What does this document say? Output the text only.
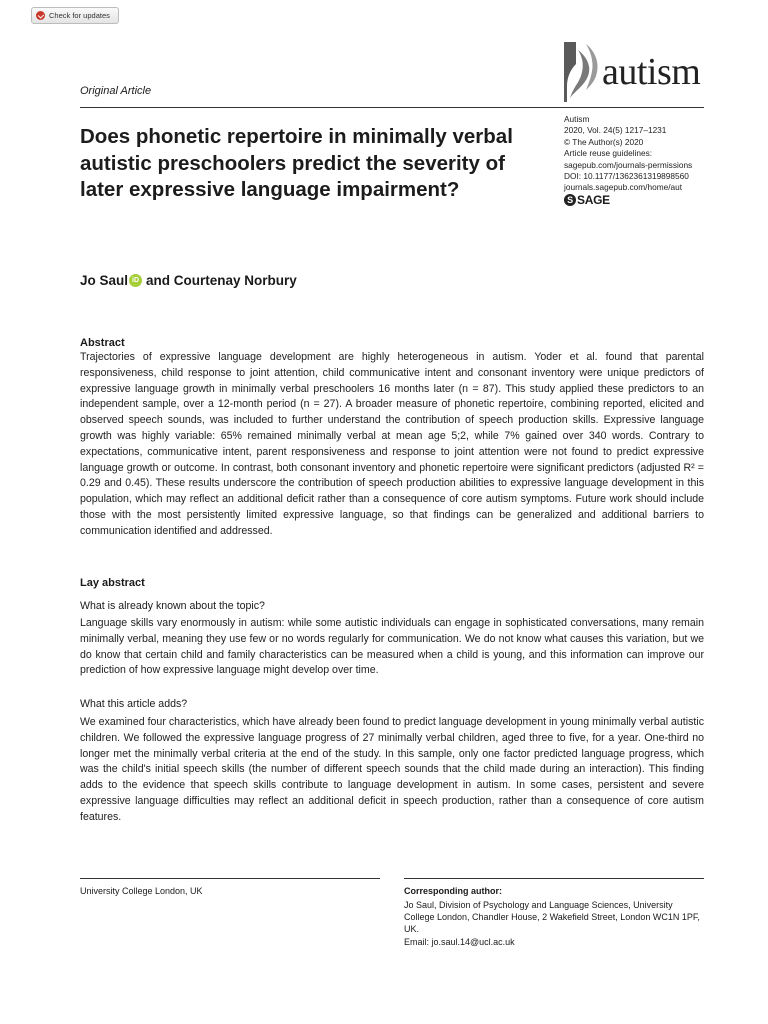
Check for updates
Original Article	autism
Does phonetic repertoire in minimally verbal autistic preschoolers predict the severity of later expressive language impairment?
Autism
2020, Vol. 24(5) 1217–1231
© The Author(s) 2020
Article reuse guidelines:
sagepub.com/journals-permissions
DOI: 10.1177/1362361319898560
journals.sagepub.com/home/aut
S SAGE
Jo Saul iD and Courtenay Norbury
Abstract
Trajectories of expressive language development are highly heterogeneous in autism. Yoder et al. found that parental responsiveness, child response to joint attention, child communicative intent and consonant inventory were unique predictors of expressive language growth in minimally verbal preschoolers 16 months later (n = 87). This study applied these predictors to an independent sample, over a 12-month period (n = 27). A broader measure of phonetic repertoire, combining reported, elicited and observed speech sounds, was included to further understand the contribution of speech production skills. Expressive language growth was highly variable: 65% remained minimally verbal at mean age 5;2, while 7% gained over 340 words. Contrary to expectations, communicative intent, parent responsiveness and response to joint attention were not found to predict expressive language growth or outcome. In contrast, both consonant inventory and phonetic repertoire were significant predictors (adjusted R² = 0.29 and 0.45). These results underscore the contribution of speech production abilities to expressive language development in this population, which may reflect an additional deficit rather than a consequence of core autism symptoms. Future work should include those with the most persistently limited expressive language, so that findings can be generalized and additional barriers to communication identified and addressed.
Lay abstract
What is already known about the topic?
Language skills vary enormously in autism: while some autistic individuals can engage in sophisticated conversations, many remain minimally verbal, meaning they use few or no words regularly for communication. We do not know what causes this variation, but we do know that certain child and family characteristics can be measured when a child is young, and this information can improve our prediction of how expressive language might develop over time.
What this article adds?
We examined four characteristics, which have already been found to predict language development in young minimally verbal autistic children. We followed the expressive language progress of 27 minimally verbal children, aged three to five, for a year. One-third no longer met the minimally verbal criteria at the end of the study. In this sample, only one factor predicted language progress, which was the child's initial speech skills (the number of different speech sounds that the child made during an interaction). This finding adds to the evidence that speech skills contribute to language development in autism. In some cases, persistent and severe expressive language difficulties may reflect an additional deficit in speech production, rather than a consequence of core autism features.
University College London, UK	Corresponding author:
Jo Saul, Division of Psychology and Language Sciences, University College London, Chandler House, 2 Wakefield Street, London WC1N 1PF, UK.
Email: jo.saul.14@ucl.ac.uk
